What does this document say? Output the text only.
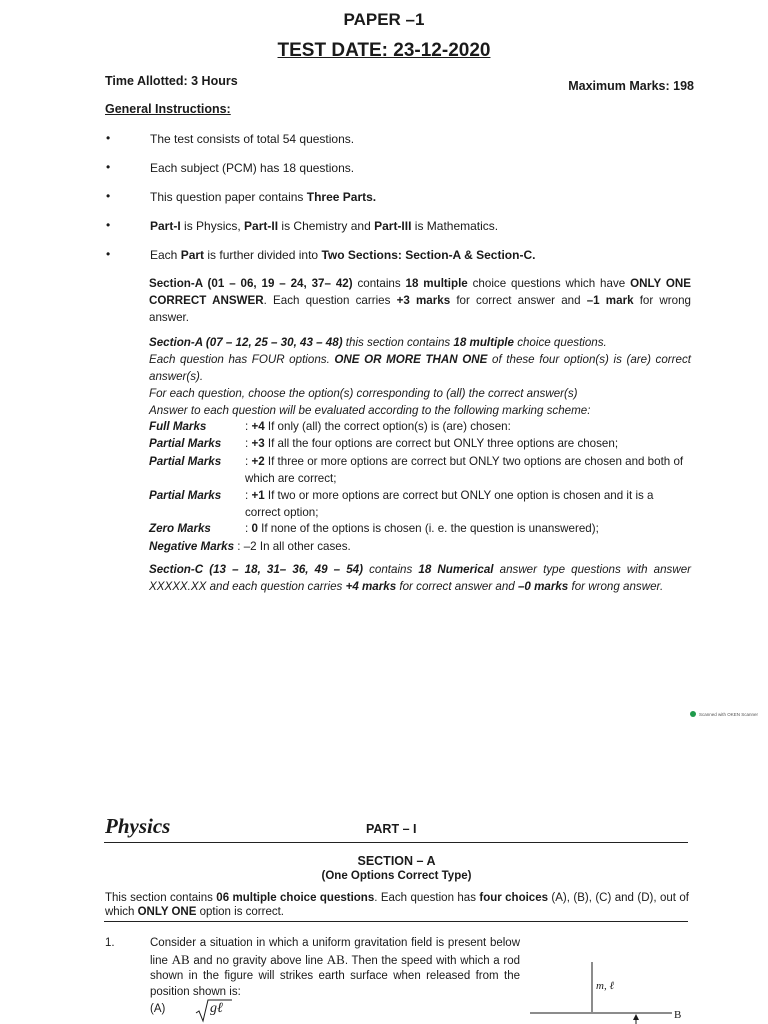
PAPER –1
TEST DATE: 23-12-2020
Time Allotted: 3 Hours	Maximum Marks: 198
General Instructions:
•	The test consists of total 54 questions.
•	Each subject (PCM) has 18 questions.
•	This question paper contains Three Parts.
•	Part-I is Physics, Part-II is Chemistry and Part-III is Mathematics.
•	Each Part is further divided into Two Sections: Section-A & Section-C.
Section-A (01 – 06, 19 – 24, 37– 42) contains 18 multiple choice questions which have ONLY ONE CORRECT ANSWER. Each question carries +3 marks for correct answer and –1 mark for wrong answer.
Section-A (07 – 12, 25 – 30, 43 – 48) this section contains 18 multiple choice questions.
Each question has FOUR options. ONE OR MORE THAN ONE of these four option(s) is (are) correct answer(s).
For each question, choose the option(s) corresponding to (all) the correct answer(s)
Answer to each question will be evaluated according to the following marking scheme:
Full Marks	: +4 If only (all) the correct option(s) is (are) chosen:
Partial Marks : +3 If all the four options are correct but ONLY three options are chosen;
Partial Marks : +2 If three or more options are correct but ONLY two options are chosen and both of which are correct;
Partial Marks : +1 If two or more options are correct but ONLY one option is chosen and it is a correct option;
Zero Marks	: 0 If none of the options is chosen (i. e. the question is unanswered);
Negative Marks : –2 In all other cases.
Section-C (13 – 18, 31– 36, 49 – 54) contains 18 Numerical answer type questions with answer XXXXX.XX and each question carries +4 marks for correct answer and –0 marks for wrong answer.
Scanned with OKEN Scanner
Physics	PART – I
SECTION – A
(One Options Correct Type)
This section contains 06 multiple choice questions. Each question has four choices (A), (B), (C) and (D), out of which ONLY ONE option is correct.
1.	Consider a situation in which a uniform gravitation field is present below line AB and no gravity above line AB. Then the speed with which a rod shown in the figure will strikes earth surface when released from the position shown is:
(A)	gℓ
m, ℓ
B
